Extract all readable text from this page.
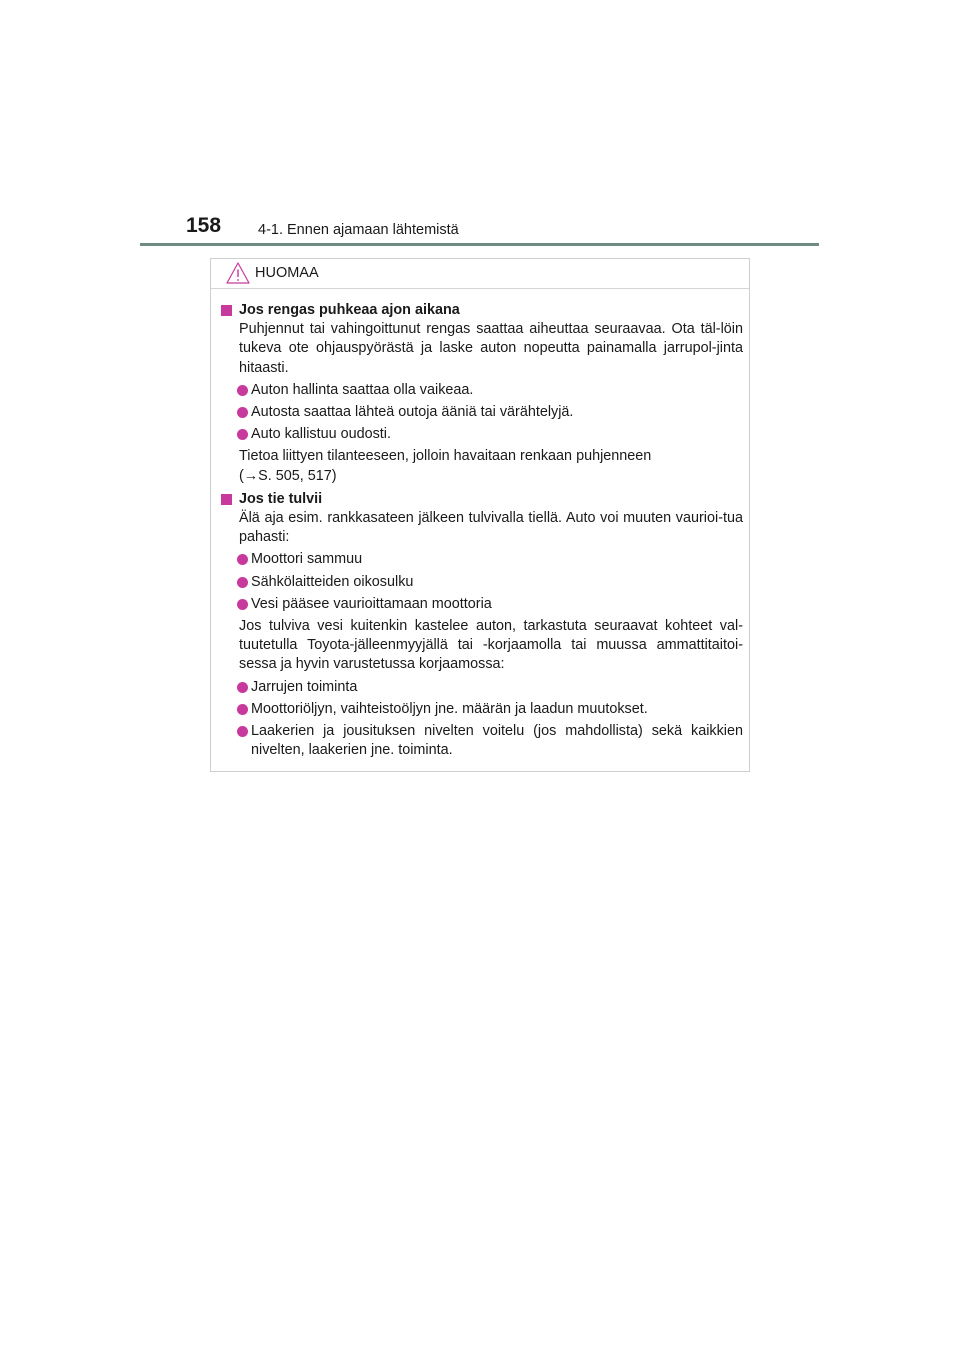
158	4-1. Ennen ajamaan lähtemistä
HUOMAA
Jos rengas puhkeaa ajon aikana
Puhjennut tai vahingoittunut rengas saattaa aiheuttaa seuraavaa. Ota täl-löin tukeva ote ohjauspyörästä ja laske auton nopeutta painamalla jarrupol-jinta hitaasti.
Auton hallinta saattaa olla vaikeaa.
Autosta saattaa lähteä outoja ääniä tai värähtelyjä.
Auto kallistuu oudosti.
Tietoa liittyen tilanteeseen, jolloin havaitaan renkaan puhjenneen
(→S. 505, 517)
Jos tie tulvii
Älä aja esim. rankkasateen jälkeen tulvivalla tiellä. Auto voi muuten vaurioi-tua pahasti:
Moottori sammuu
Sähkölaitteiden oikosulku
Vesi pääsee vaurioittamaan moottoria
Jos tulviva vesi kuitenkin kastelee auton, tarkastuta seuraavat kohteet val-tuutetulla Toyota-jälleenmyyjällä tai -korjaamolla tai muussa ammattitaitoi-sessa ja hyvin varustetussa korjaamossa:
Jarrujen toiminta
Moottoriöljyn, vaihteistoöljyn jne. määrän ja laadun muutokset.
Laakerien ja jousituksen nivelten voitelu (jos mahdollista) sekä kaikkien nivelten, laakerien jne. toiminta.
